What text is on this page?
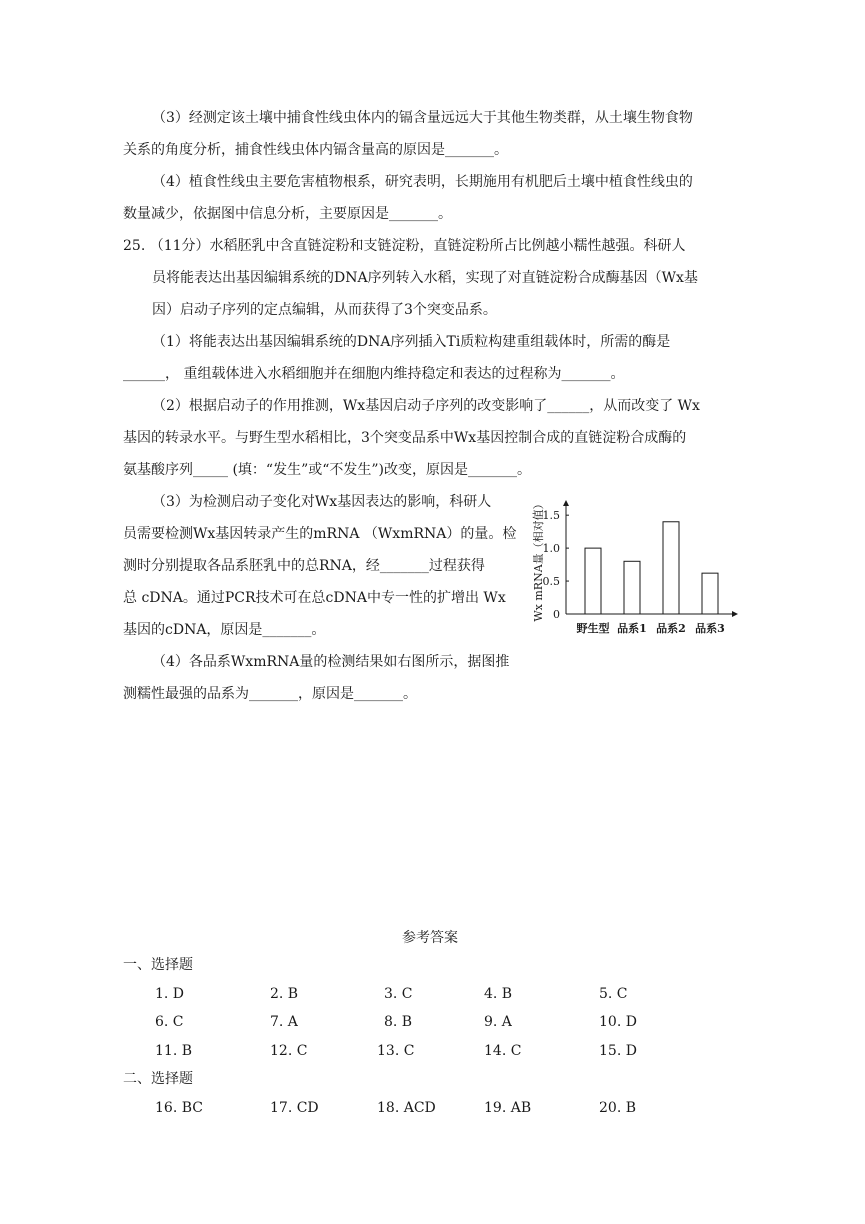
（3）经测定该土壤中捕食性线虫体内的镉含量远远大于其他生物类群，从土壤生物食物
关系的角度分析，捕食性线虫体内镉含量高的原因是_______。
（4）植食性线虫主要危害植物根系，研究表明，长期施用有机肥后土壤中植食性线虫的
数量减少，依据图中信息分析，主要原因是_______。
25. （11分）水稻胚乳中含直链淀粉和支链淀粉，直链淀粉所占比例越小糯性越强。科研人
员将能表达出基因编辑系统的DNA序列转入水稻，实现了对直链淀粉合成酶基因（Wx基
因）启动子序列的定点编辑，从而获得了3个突变品系。
（1）将能表达出基因编辑系统的DNA序列插入Ti质粒构建重组载体时，所需的酶是
______， 重组载体进入水稻细胞并在细胞内维持稳定和表达的过程称为_______。
（2）根据启动子的作用推测，Wx基因启动子序列的改变影响了______，从而改变了 Wx
基因的转录水平。与野生型水稻相比，3个突变品系中Wx基因控制合成的直链淀粉合成酶的
氨基酸序列_____ (填：“发生”或“不发生”)改变，原因是_______。
（3）为检测启动子变化对Wx基因表达的影响，科研人
员需要检测Wx基因转录产生的mRNA （WxmRNA）的量。检
测时分别提取各品系胚乳中的总RNA，经_______过程获得
总 cDNA。通过PCR技术可在总cDNA中专一性的扩增出 Wx
基因的cDNA，原因是_______。
（4）各品系WxmRNA量的检测结果如右图所示，据图推
测糯性最强的品系为_______，原因是_______。
Wx mRNA量（相对值） 0
0.5
1.0
1.5
野生型 品系1 品系2 品系3
参考答案
一、选择题
1. D	2. B	3. C	4. B	5. C
6. C	7. A	8. B	9. A	10. D
11. B	12. C	13. C	14. C	15. D
二、选择题
16. BC	17. CD	18. ACD	19. AB	20. B
